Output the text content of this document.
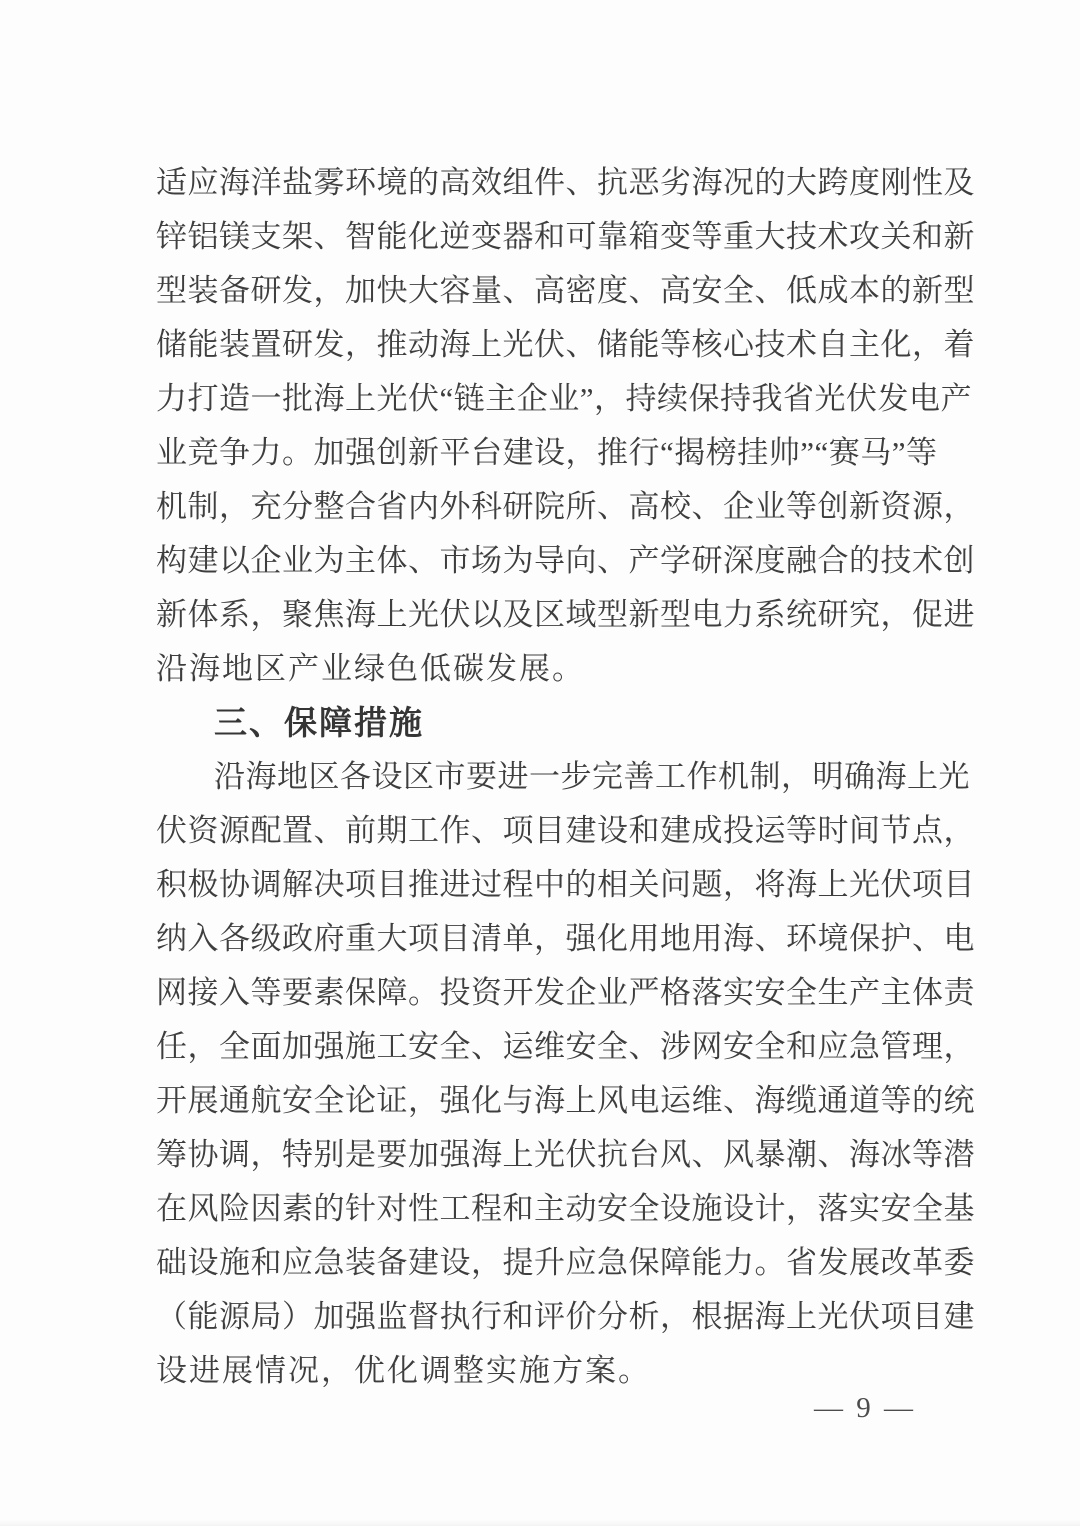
适应海洋盐雾环境的高效组件、抗恶劣海况的大跨度刚性及
锌铝镁支架、智能化逆变器和可靠箱变等重大技术攻关和新
型装备研发，加快大容量、高密度、高安全、低成本的新型
储能装置研发，推动海上光伏、储能等核心技术自主化，着
力打造一批海上光伏“链主企业”，持续保持我省光伏发电产
业竞争力。加强创新平台建设，推行“揭榜挂帅”“赛马”等
机制，充分整合省内外科研院所、高校、企业等创新资源，
构建以企业为主体、市场为导向、产学研深度融合的技术创
新体系，聚焦海上光伏以及区域型新型电力系统研究，促进
沿海地区产业绿色低碳发展。
三、保障措施
沿海地区各设区市要进一步完善工作机制，明确海上光
伏资源配置、前期工作、项目建设和建成投运等时间节点，
积极协调解决项目推进过程中的相关问题，将海上光伏项目
纳入各级政府重大项目清单，强化用地用海、环境保护、电
网接入等要素保障。投资开发企业严格落实安全生产主体责
任，全面加强施工安全、运维安全、涉网安全和应急管理，
开展通航安全论证，强化与海上风电运维、海缆通道等的统
筹协调，特别是要加强海上光伏抗台风、风暴潮、海冰等潜
在风险因素的针对性工程和主动安全设施设计，落实安全基
础设施和应急装备建设，提升应急保障能力。省发展改革委
（能源局）加强监督执行和评价分析，根据海上光伏项目建
设进展情况，优化调整实施方案。
— 9 —
